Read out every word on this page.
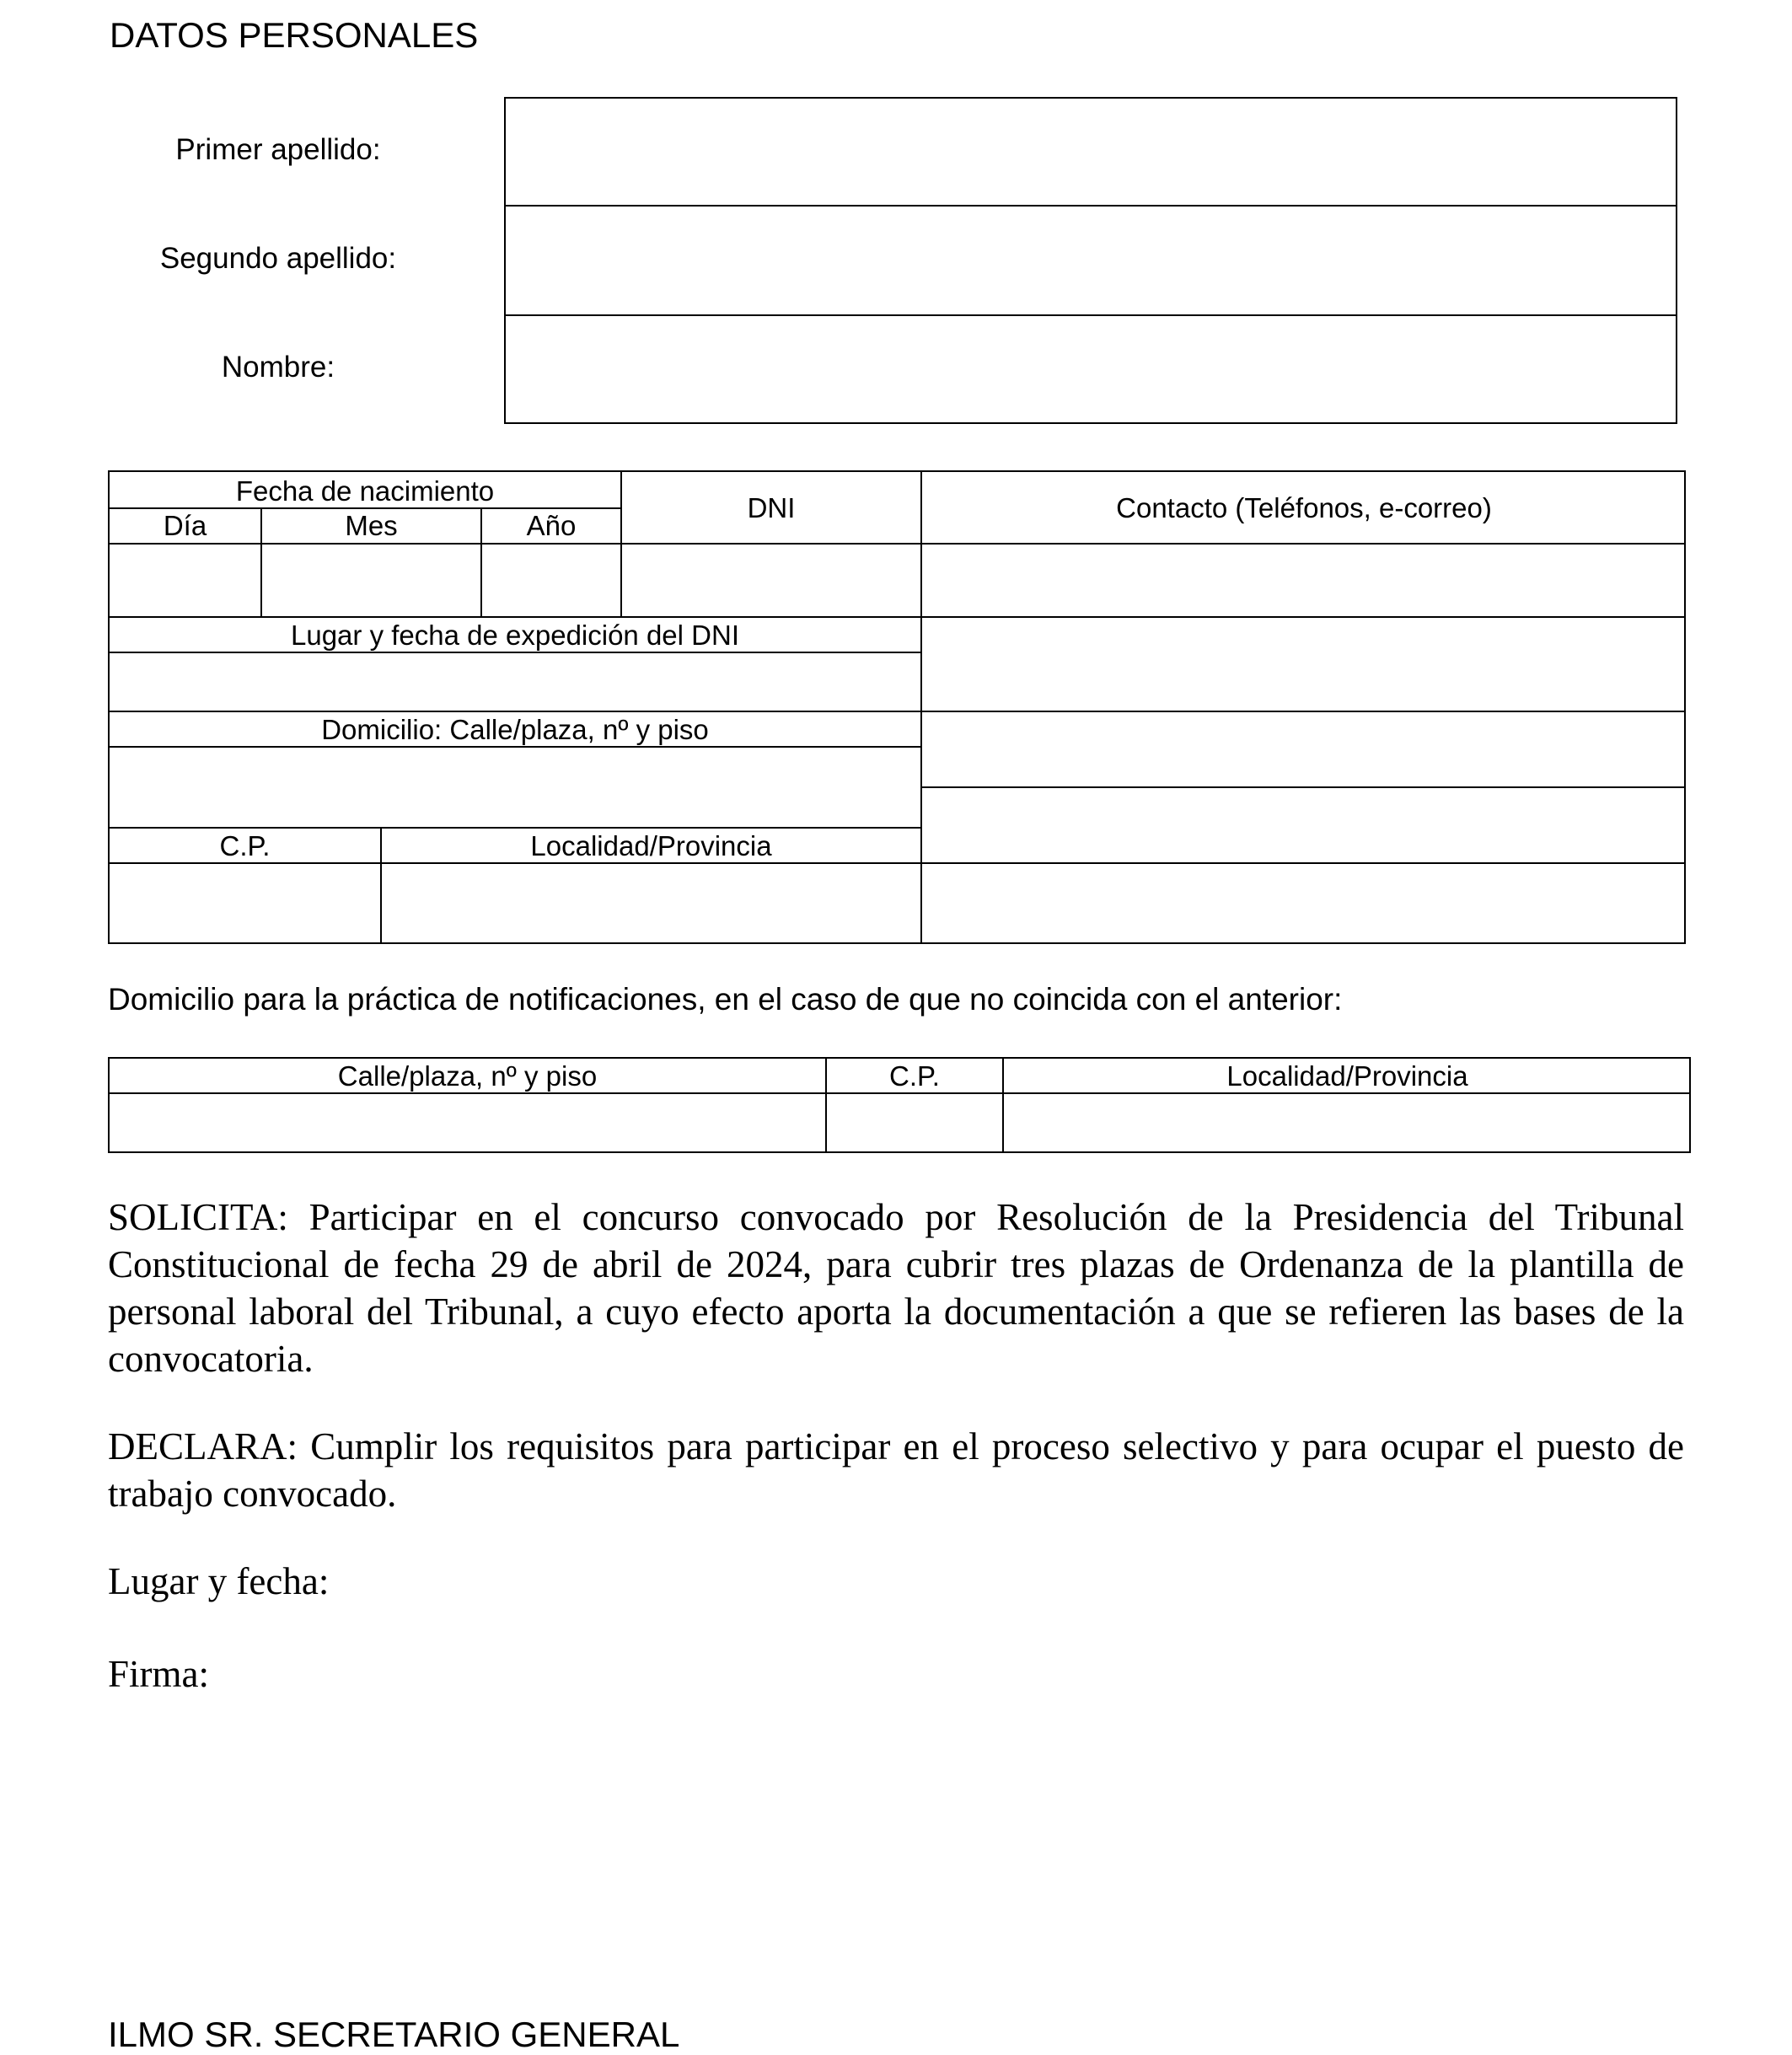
DATOS PERSONALES
Primer apellido:
Segundo apellido:
Nombre:
Fecha de nacimiento
Día	Mes	Año
DNI	Contacto (Teléfonos, e-correo)
Lugar y fecha de expedición del DNI
Domicilio: Calle/plaza, nº y piso
C.P.	Localidad/Provincia
Domicilio para la práctica de notificaciones, en el caso de que no coincida con el anterior:
Calle/plaza, nº y piso	C.P.	Localidad/Provincia
SOLICITA: Participar en el concurso convocado por Resolución de la Presidencia del Tribunal Constitucional de fecha 29 de abril de 2024, para cubrir tres plazas de Ordenanza de la plantilla de personal laboral del Tribunal, a cuyo efecto aporta la documentación a que se refieren las bases de la convocatoria.
DECLARA: Cumplir los requisitos para participar en el proceso selectivo y para ocupar el puesto de trabajo convocado.
Lugar y fecha:
Firma:
ILMO SR. SECRETARIO GENERAL
